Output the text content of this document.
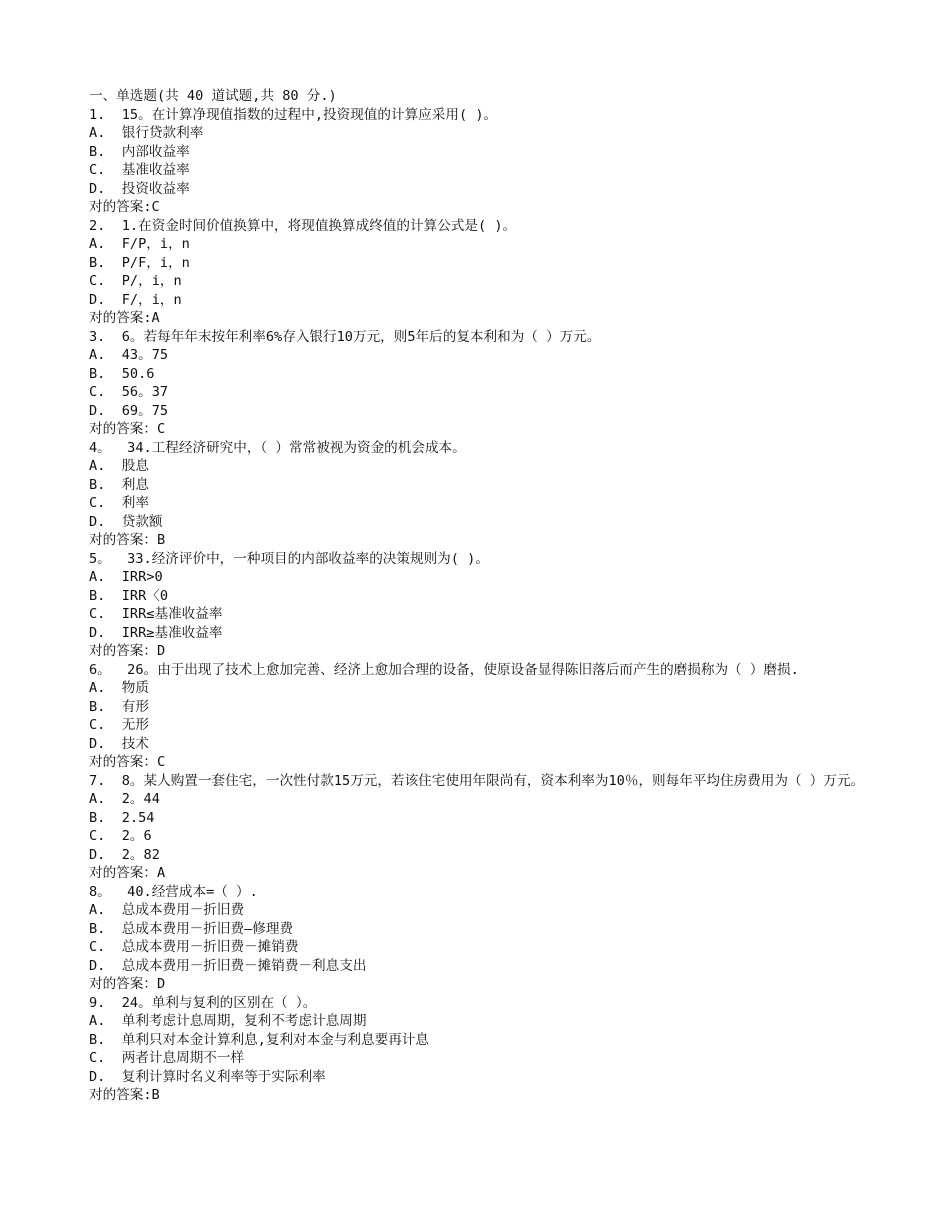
一、单选题(共 40 道试题,共 80 分.)
1. 15。在计算净现值指数的过程中,投资现值的计算应采用( )。
A. 银行贷款利率
B. 内部收益率
C. 基准收益率
D. 投资收益率
对的答案:C
2. 1.在资金时间价值换算中，将现值换算成终值的计算公式是( )。
A. F/P，i，n
B. P/F，i，n
C. P/，i，n
D. F/，i，n
对的答案:A
3. 6。若每年年末按年利率6%存入银行10万元，则5年后的复本利和为（ ）万元。
A. 43。75
B. 50.6
C. 56。37
D. 69。75
对的答案：C
4。 34.工程经济研究中，（ ）常常被视为资金的机会成本。
A. 股息
B. 利息
C. 利率
D. 贷款额
对的答案：B
5。 33.经济评价中，一种项目的内部收益率的决策规则为( )。
A. IRR>0
B. IRR〈0
C. IRR≤基准收益率
D. IRR≥基准收益率
对的答案：D
6。 26。由于出现了技术上愈加完善、经济上愈加合理的设备，使原设备显得陈旧落后而产生的磨损称为（ ）磨损.
A. 物质
B. 有形
C. 无形
D. 技术
对的答案：C
7. 8。某人购置一套住宅，一次性付款15万元，若该住宅使用年限尚有，资本利率为10％，则每年平均住房费用为（ ）万元。
A. 2。44
B. 2.54
C. 2。6
D. 2。82
对的答案：A
8。 40.经营成本=（ ）.
A. 总成本费用－折旧费
B. 总成本费用－折旧费—修理费
C. 总成本费用－折旧费－摊销费
D. 总成本费用－折旧费－摊销费－利息支出
对的答案：D
9. 24。单利与复利的区别在（ ）。
A. 单利考虑计息周期，复利不考虑计息周期
B. 单利只对本金计算利息,复利对本金与利息要再计息
C. 两者计息周期不一样
D. 复利计算时名义利率等于实际利率
对的答案:B
